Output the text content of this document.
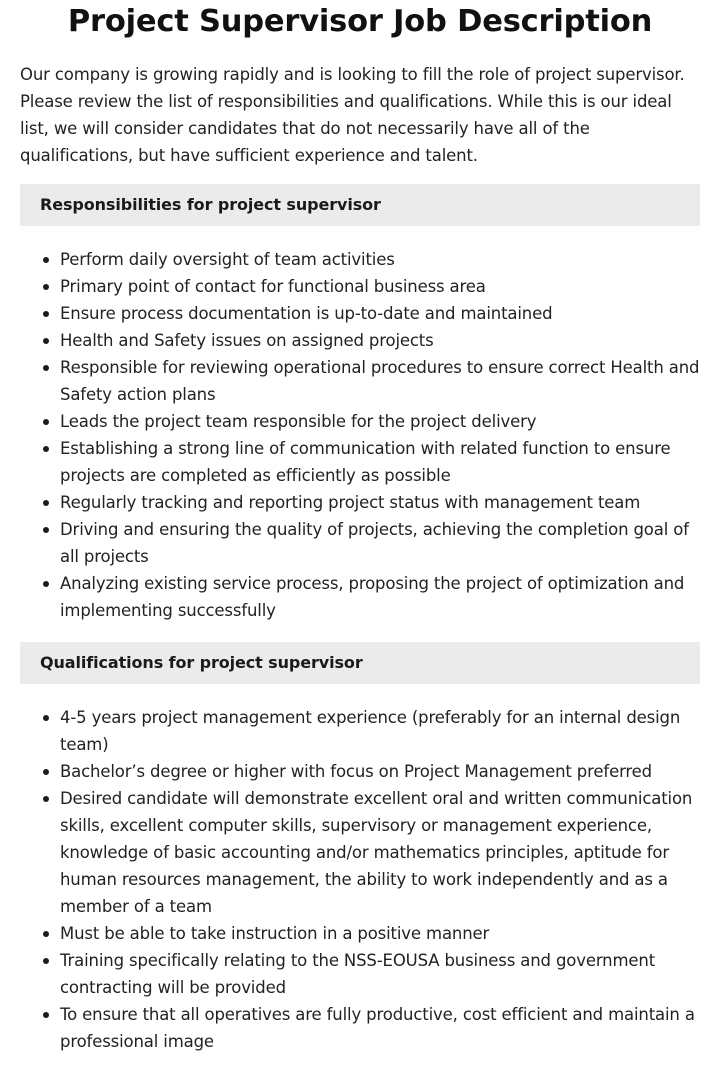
Project Supervisor Job Description

Our company is growing rapidly and is looking to fill the role of project supervisor. Please review the list of responsibilities and qualifications. While this is our ideal list, we will consider candidates that do not necessarily have all of the qualifications, but have sufficient experience and talent.

Responsibilities for project supervisor
Perform daily oversight of team activities
Primary point of contact for functional business area
Ensure process documentation is up-to-date and maintained
Health and Safety issues on assigned projects
Responsible for reviewing operational procedures to ensure correct Health and Safety action plans
Leads the project team responsible for the project delivery
Establishing a strong line of communication with related function to ensure projects are completed as efficiently as possible
Regularly tracking and reporting project status with management team
Driving and ensuring the quality of projects, achieving the completion goal of all projects
Analyzing existing service process, proposing the project of optimization and implementing successfully
Qualifications for project supervisor
4-5 years project management experience (preferably for an internal design team)
Bachelor’s degree or higher with focus on Project Management preferred
Desired candidate will demonstrate excellent oral and written communication skills, excellent computer skills, supervisory or management experience, knowledge of basic accounting and/or mathematics principles, aptitude for human resources management, the ability to work independently and as a member of a team
Must be able to take instruction in a positive manner
Training specifically relating to the NSS-EOUSA business and government contracting will be provided
To ensure that all operatives are fully productive, cost efficient and maintain a professional image
